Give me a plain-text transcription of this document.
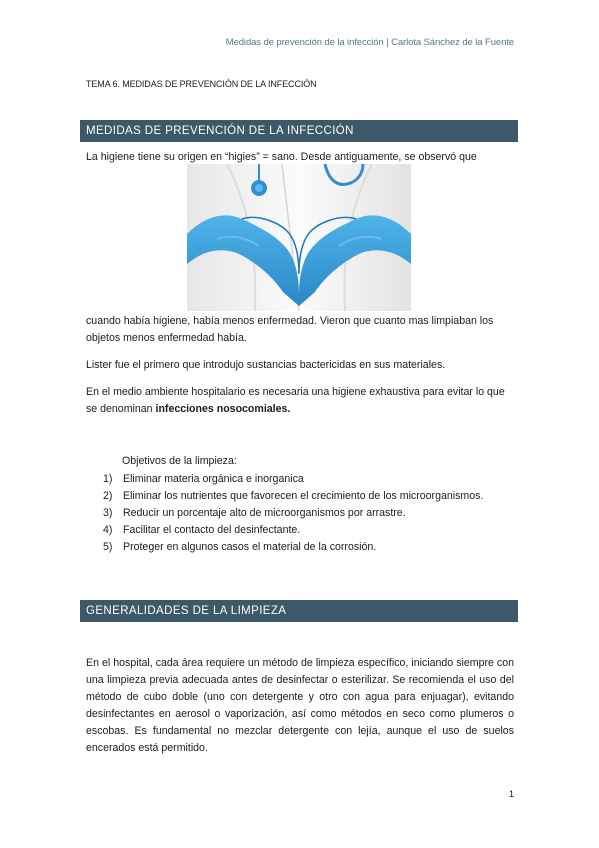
Medidas de prevención de la infección | Carlota Sánchez de la Fuente
TEMA 6. MEDIDAS DE PREVENCIÓN DE LA INFECCIÓN
MEDIDAS DE PREVENCIÓN DE LA INFECCIÓN
La higiene tiene su origen en “higies” = sano. Desde antiguamente, se observó que
cuando había higiene, había menos enfermedad. Vieron que cuanto mas limpiaban los objetos menos enfermedad había.
Lister fue el primero que introdujo sustancias bactericidas en sus materiales.
En el medio ambiente hospitalario es necesaria una higiene exhaustiva para evitar lo que se denominan infecciones nosocomiales.
Objetivos de la limpieza:
1) Eliminar materia orgánica e inorganica
2) Eliminar los nutrientes que favorecen el crecimiento de los microorganismos.
3) Reducir un porcentaje alto de microorganismos por arrastre.
4) Facilitar el contacto del desinfectante.
5) Proteger en algunos casos el material de la corrosión.
GENERALIDADES DE LA LIMPIEZA
En el hospital, cada área requiere un método de limpieza específico, iniciando siempre con una limpieza previa adecuada antes de desinfectar o esterilizar. Se recomienda el uso del método de cubo doble (uno con detergente y otro con agua para enjuagar), evitando desinfectantes en aerosol o vaporización, así como métodos en seco como plumeros o escobas. Es fundamental no mezclar detergente con lejía, aunque el uso de suelos encerados está permitido.
1
